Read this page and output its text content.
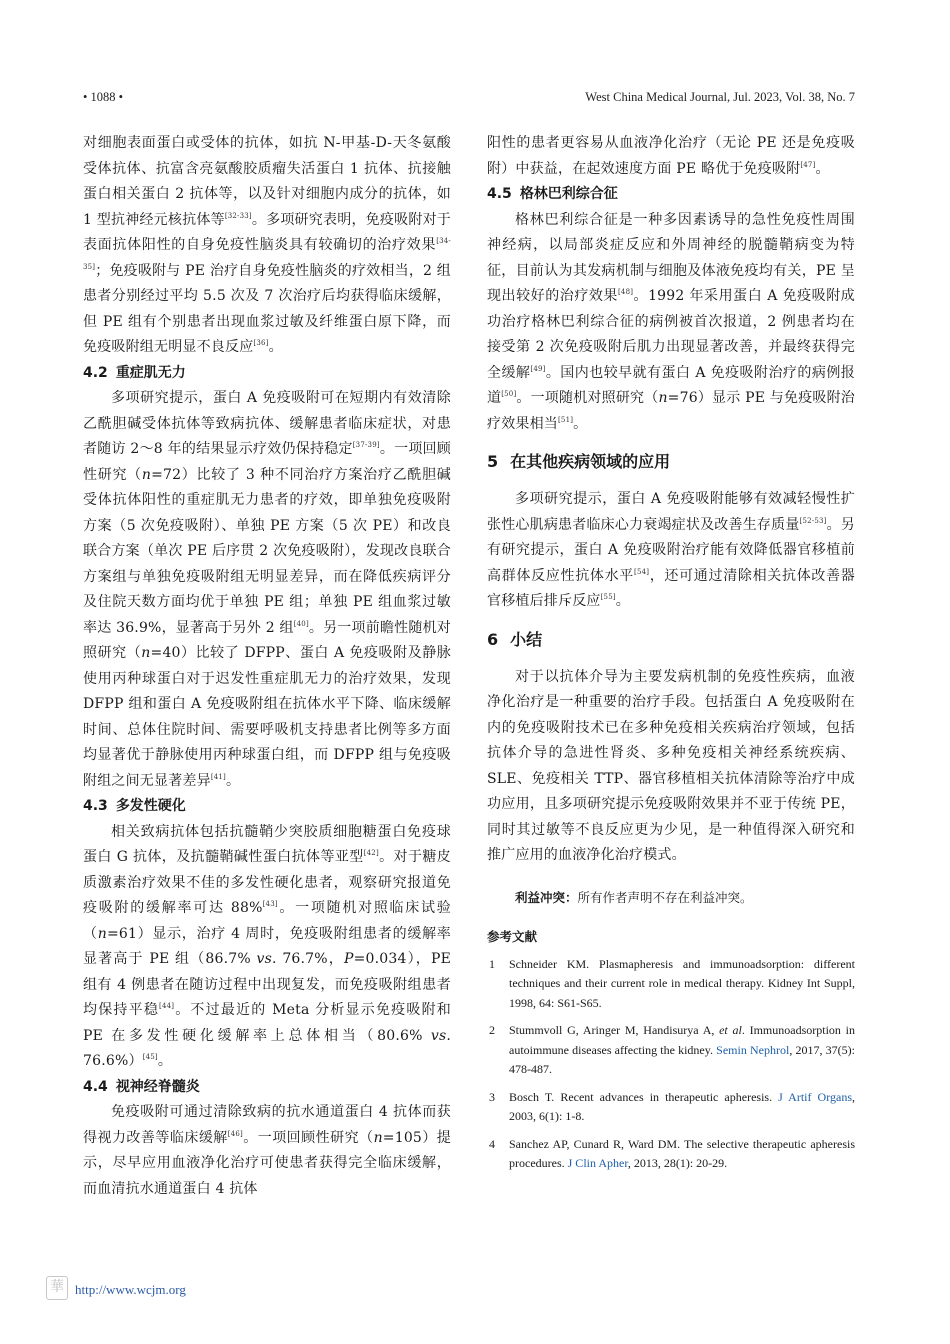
• 1088 •	West China Medical Journal, Jul. 2023, Vol. 38, No. 7

对细胞表面蛋白或受体的抗体，如抗 N-甲基-D-天冬氨酸受体抗体、抗富含亮氨酸胶质瘤失活蛋白 1 抗体、抗接触蛋白相关蛋白 2 抗体等，以及针对细胞内成分的抗体，如 1 型抗神经元核抗体等[32-33]。多项研究表明，免疫吸附对于表面抗体阳性的自身免疫性脑炎具有较确切的治疗效果[34-35]；免疫吸附与 PE 治疗自身免疫性脑炎的疗效相当，2 组患者分别经过平均 5.5 次及 7 次治疗后均获得临床缓解，但 PE 组有个别患者出现血浆过敏及纤维蛋白原下降，而免疫吸附组无明显不良反应[36]。

4.2 重症肌无力

多项研究提示，蛋白 A 免疫吸附可在短期内有效清除乙酰胆碱受体抗体等致病抗体、缓解患者临床症状，对患者随访 2～8 年的结果显示疗效仍保持稳定[37-39]。一项回顾性研究（n=72）比较了 3 种不同治疗方案治疗乙酰胆碱受体抗体阳性的重症肌无力患者的疗效，即单独免疫吸附方案（5 次免疫吸附）、单独 PE 方案（5 次 PE）和改良联合方案（单次 PE 后序贯 2 次免疫吸附），发现改良联合方案组与单独免疫吸附组无明显差异，而在降低疾病评分及住院天数方面均优于单独 PE 组；单独 PE 组血浆过敏率达 36.9%，显著高于另外 2 组[40]。另一项前瞻性随机对照研究（n=40）比较了 DFPP、蛋白 A 免疫吸附及静脉使用丙种球蛋白对于迟发性重症肌无力的治疗效果，发现 DFPP 组和蛋白 A 免疫吸附组在抗体水平下降、临床缓解时间、总体住院时间、需要呼吸机支持患者比例等多方面均显著优于静脉使用丙种球蛋白组，而 DFPP 组与免疫吸附组之间无显著差异[41]。

4.3 多发性硬化

相关致病抗体包括抗髓鞘少突胶质细胞糖蛋白免疫球蛋白 G 抗体，及抗髓鞘碱性蛋白抗体等亚型[42]。对于糖皮质激素治疗效果不佳的多发性硬化患者，观察研究报道免疫吸附的缓解率可达 88%[43]。一项随机对照临床试验（n=61）显示，治疗 4 周时，免疫吸附组患者的缓解率显著高于 PE 组（86.7% vs. 76.7%，P=0.034），PE 组有 4 例患者在随访过程中出现复发，而免疫吸附组患者均保持平稳[44]。不过最近的 Meta 分析显示免疫吸附和 PE 在多发性硬化缓解率上总体相当（80.6% vs. 76.6%）[45]。

4.4 视神经脊髓炎

免疫吸附可通过清除致病的抗水通道蛋白 4 抗体而获得视力改善等临床缓解[46]。一项回顾性研究（n=105）提示，尽早应用血液净化治疗可使患者获得完全临床缓解，而血清抗水通道蛋白 4 抗体

阳性的患者更容易从血液净化治疗（无论 PE 还是免疫吸附）中获益，在起效速度方面 PE 略优于免疫吸附[47]。

4.5 格林巴利综合征

格林巴利综合征是一种多因素诱导的急性免疫性周围神经病，以局部炎症反应和外周神经的脱髓鞘病变为特征，目前认为其发病机制与细胞及体液免疫均有关，PE 呈现出较好的治疗效果[48]。1992 年采用蛋白 A 免疫吸附成功治疗格林巴利综合征的病例被首次报道，2 例患者均在接受第 2 次免疫吸附后肌力出现显著改善，并最终获得完全缓解[49]。国内也较早就有蛋白 A 免疫吸附治疗的病例报道[50]。一项随机对照研究（n=76）显示 PE 与免疫吸附治疗效果相当[51]。

5 在其他疾病领域的应用

多项研究提示，蛋白 A 免疫吸附能够有效减轻慢性扩张性心肌病患者临床心力衰竭症状及改善生存质量[52-53]。另有研究提示，蛋白 A 免疫吸附治疗能有效降低器官移植前高群体反应性抗体水平[54]，还可通过清除相关抗体改善器官移植后排斥反应[55]。

6 小结

对于以抗体介导为主要发病机制的免疫性疾病，血液净化治疗是一种重要的治疗手段。包括蛋白 A 免疫吸附在内的免疫吸附技术已在多种免疫相关疾病治疗领域，包括抗体介导的急进性肾炎、多种免疫相关神经系统疾病、SLE、免疫相关 TTP、器官移植相关抗体清除等治疗中成功应用，且多项研究提示免疫吸附效果并不亚于传统 PE，同时其过敏等不良反应更为少见，是一种值得深入研究和推广应用的血液净化治疗模式。

利益冲突：所有作者声明不存在利益冲突。

参考文献

1 Schneider KM. Plasmapheresis and immunoadsorption: different techniques and their current role in medical therapy. Kidney Int Suppl, 1998, 64: S61-S65.

2 Stummvoll G, Aringer M, Handisurya A, et al. Immunoadsorption in autoimmune diseases affecting the kidney. Semin Nephrol, 2017, 37(5): 478-487.

3 Bosch T. Recent advances in therapeutic apheresis. J Artif Organs, 2003, 6(1): 1-8.

4 Sanchez AP, Cunard R, Ward DM. The selective therapeutic apheresis procedures. J Clin Apher, 2013, 28(1): 20-29.

華 http://www.wcjm.org
